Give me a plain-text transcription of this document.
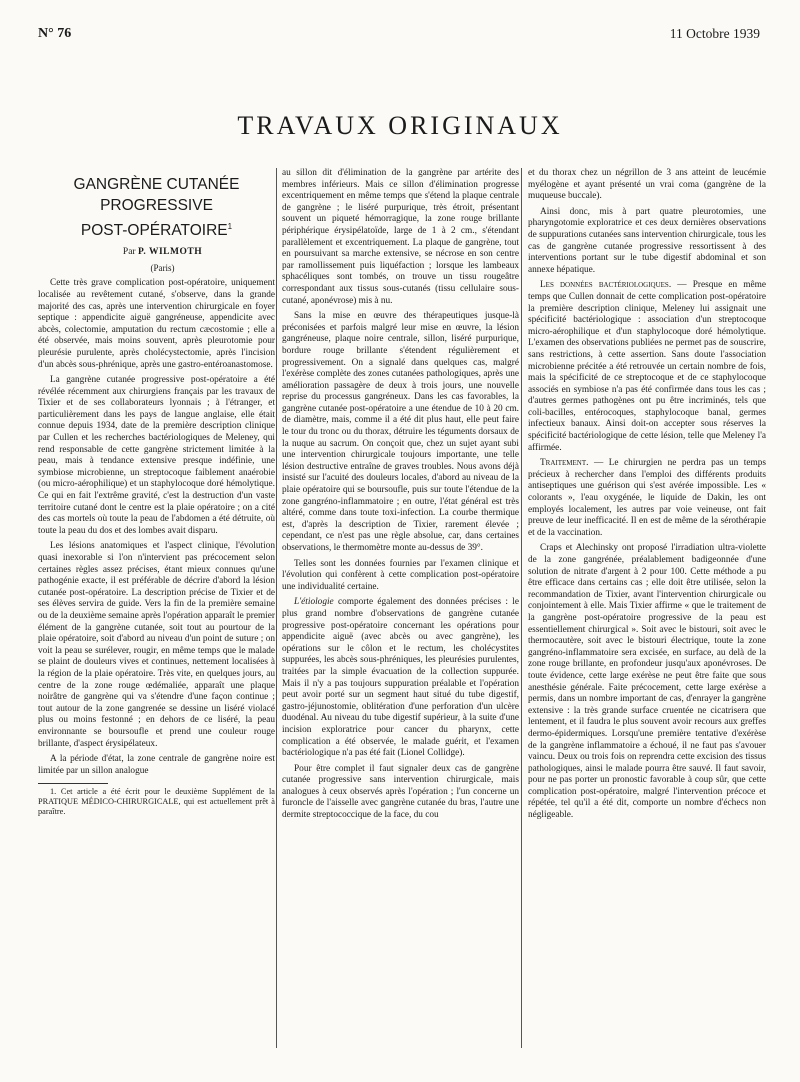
N° 76	11 Octobre 1939
TRAVAUX ORIGINAUX
GANGRÈNE CUTANÉE
PROGRESSIVE
POST-OPÉRATOIRE$^1$

Par P. WILMOTH

(Paris)

Cette très grave complication post-opératoire, uniquement localisée au revêtement cutané, s'observe, dans la grande majorité des cas, après une intervention chirurgicale en foyer septique : appendicite aiguë gangréneuse, appendicite avec abcès, colectomie, amputation du rectum cæcostomie ; elle a été observée, mais moins souvent, après pleurotomie pour pleurésie purulente, après cholécystectomie, après l'incision d'un abcès sous-phrénique, après une gastro-entéroanastomose.

La gangrène cutanée progressive post-opératoire a été révélée récemment aux chirurgiens français par les travaux de Tixier et de ses collaborateurs lyonnais ; à l'étranger, et particulièrement dans les pays de langue anglaise, elle était connue depuis 1934, date de la première description clinique par Cullen et les recherches bactériologiques de Meleney, qui rend responsable de cette gangrène strictement limitée à la peau, mais à tendance extensive presque indéfinie, une symbiose microbienne, un streptocoque faiblement anaérobie (ou micro-aérophilique) et un staphylocoque doré hémolytique. Ce qui en fait l'extrême gravité, c'est la destruction d'un vaste territoire cutané dont le centre est la plaie opératoire ; on a cité des cas mortels où toute la peau de l'abdomen a été détruite, où toute la peau du dos et des lombes avait disparu.

Les lésions anatomiques et l'aspect clinique, l'évolution quasi inexorable si l'on n'intervient pas précocement selon certaines règles assez précises, étant mieux connues qu'une pathogénie exacte, il est préférable de décrire d'abord la lésion cutanée post-opératoire. La description précise de Tixier et de ses élèves servira de guide. Vers la fin de la première semaine ou de la deuxième semaine après l'opération apparaît le premier élément de la gangrène cutanée, soit tout au pourtour de la plaie opératoire, soit d'abord au niveau d'un point de suture ; on voit la peau se surélever, rougir, en même temps que le malade se plaint de douleurs vives et continues, nettement localisées à la région de la plaie opératoire. Très vite, en quelques jours, au centre de la zone rouge œdémaliée, apparaît une plaque noirâtre de gangrène qui va s'étendre d'une façon continue ; tout autour de la zone gangrenée se dessine un liséré violacé plus ou moins festonné ; en dehors de ce liséré, la peau environnante se boursoufle et prend une couleur rouge brillante, d'aspect érysipélateux.

A la période d'état, la zone centrale de gangrène noire est limitée par un sillon analogue

1. Cet article a été écrit pour le deuxième Supplément de la PRATIQUE MÉDICO-CHIRURGICALE, qui est actuellement prêt à paraître.

au sillon dit d'élimination de la gangrène par artérite des membres inférieurs. Mais ce sillon d'élimination progresse excentriquement en même temps que s'étend la plaque centrale de gangrène ; le liséré purpurique, très étroit, présentant souvent un piqueté hémorragique, la zone rouge brillante périphérique érysipélatoïde, large de 1 à 2 cm., s'étendant parallèlement et excentriquement. La plaque de gangrène, tout en poursuivant sa marche extensive, se nécrose en son centre par ramollissement puis liquéfaction ; lorsque les lambeaux sphacéliques sont tombés, on trouve un tissu rougeâtre correspondant aux tissus sous-cutanés (tissu cellulaire sous-cutané, aponévrose) mis à nu.

Sans la mise en œuvre des thérapeutiques jusque-là préconisées et parfois malgré leur mise en œuvre, la lésion gangréneuse, plaque noire centrale, sillon, liséré purpurique, bordure rouge brillante s'étendent régulièrement et progressivement. On a signalé dans quelques cas, malgré l'exérèse complète des zones cutanées pathologiques, après une amélioration passagère de deux à trois jours, une nouvelle reprise du processus gangréneux. Dans les cas favorables, la gangrène cutanée post-opératoire a une étendue de 10 à 20 cm. de diamètre, mais, comme il a été dit plus haut, elle peut faire le tour du tronc ou du thorax, détruire les téguments dorsaux de la nuque au sacrum. On conçoit que, chez un sujet ayant subi une intervention chirurgicale toujours importante, une telle lésion destructive entraîne de graves troubles. Nous avons déjà insisté sur l'acuité des douleurs locales, d'abord au niveau de la plaie opératoire qui se boursoufle, puis sur toute l'étendue de la zone gangréno-inflammatoire ; en outre, l'état général est très altéré, comme dans toute toxi-infection. La courbe thermique est, d'après la description de Tixier, rarement élevée ; cependant, ce n'est pas une règle absolue, car, dans certaines observations, le thermomètre monte au-dessus de 39°.

Telles sont les données fournies par l'examen clinique et l'évolution qui confèrent à cette complication post-opératoire une individualité certaine.

L'étiologie comporte également des données précises : le plus grand nombre d'observations de gangrène cutanée progressive post-opératoire concernant les opérations pour appendicite aiguë (avec abcès ou avec gangrène), les opérations sur le côlon et le rectum, les cholécystites suppurées, les abcès sous-phréniques, les pleurésies purulentes, traitées par la simple évacuation de la collection suppurée. Mais il n'y a pas toujours suppuration préalable et l'opération peut avoir porté sur un segment haut situé du tube digestif, gastro-jéjunostomie, oblitération d'une perforation d'un ulcère duodénal. Au niveau du tube digestif supérieur, à la suite d'une incision exploratrice pour cancer du pharynx, cette complication a été observée, le malade guérit, et l'examen bactériologique n'a pas été fait (Lionel Collidge).

Pour être complet il faut signaler deux cas de gangrène cutanée progressive sans intervention chirurgicale, mais analogues à ceux observés après l'opération ; l'un concerne un furoncle de l'aisselle avec gangrène cutanée du bras, l'autre une dermite streptococcique de la face, du cou

et du thorax chez un négrillon de 3 ans atteint de leucémie myélogène et ayant présenté un vrai coma (gangrène de la muqueuse buccale).

Ainsi donc, mis à part quatre pleurotomies, une pharyngotomie exploratrice et ces deux dernières observations de suppurations cutanées sans intervention chirurgicale, tous les cas de gangrène cutanée progressive ressortissent à des interventions portant sur le tube digestif abdominal et son annexe hépatique.

Les données bactériologiques. — Presque en même temps que Cullen donnait de cette complication post-opératoire la première description clinique, Meleney lui assignait une spécificité bactériologique : association d'un streptocoque micro-aérophilique et d'un staphylocoque doré hémolytique. L'examen des observations publiées ne permet pas de souscrire, sans restrictions, à cette assertion. Sans doute l'association microbienne précitée a été retrouvée un certain nombre de fois, mais la spécificité de ce streptocoque et de ce staphylocoque associés en symbiose n'a pas été confirmée dans tous les cas ; d'autres germes pathogènes ont pu être incriminés, tels que coli-bacilles, entérocoques, staphylocoque banal, germes infectieux banaux. Ainsi doit-on accepter sous réserves la spécificité bactériologique de cette lésion, telle que Meleney l'a affirmée.

Traitement. — Le chirurgien ne perdra pas un temps précieux à rechercher dans l'emploi des différents produits antiseptiques une guérison qui s'est avérée impossible. Les « colorants », l'eau oxygénée, le liquide de Dakin, les ont employés localement, les autres par voie veineuse, ont fait preuve de leur inefficacité. Il en est de même de la sérothérapie et de la vaccination.

Craps et Alechinsky ont proposé l'irradiation ultra-violette de la zone gangrénée, préalablement badigeonnée d'une solution de nitrate d'argent à 2 pour 100. Cette méthode a pu être efficace dans certains cas ; elle doit être utilisée, selon la recommandation de Tixier, avant l'intervention chirurgicale ou conjointement à elle. Mais Tixier affirme « que le traitement de la gangrène post-opératoire progressive de la peau est essentiellement chirurgical ». Soit avec le bistouri, soit avec le thermocautère, soit avec le bistouri électrique, toute la zone gangréno-inflammatoire sera excisée, en surface, au delà de la zone rouge brillante, en profondeur jusqu'aux aponévroses. De toute évidence, cette large exérèse ne peut être faite que sous anesthésie générale. Faite précocement, cette large exérèse a permis, dans un nombre important de cas, d'enrayer la gangrène extensive : la très grande surface cruentée ne cicatrisera que lentement, et il faudra le plus souvent avoir recours aux greffes dermo-épidermiques. Lorsqu'une première tentative d'exérèse de la gangrène inflammatoire a échoué, il ne faut pas s'avouer vaincu. Deux ou trois fois on reprendra cette excision des tissus pathologiques, ainsi le malade pourra être sauvé. Il faut savoir, pour ne pas porter un pronostic favorable à coup sûr, que cette complication post-opératoire, malgré l'intervention précoce et répétée, tel qu'il a été dit, comporte un nombre d'échecs non négligeable.
